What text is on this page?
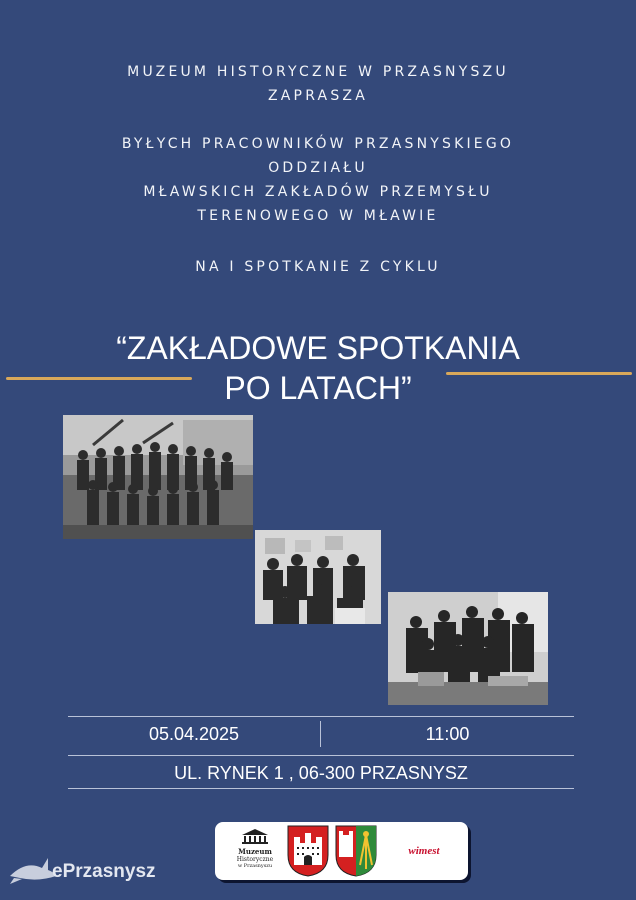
MUZEUM HISTORYCZNE W PRZASNYSZU
ZAPRASZA
BYŁYCH PRACOWNIKÓW PRZASNYSKIEGO
ODDZIAŁU
MŁAWSKICH ZAKŁADÓW PRZEMYSŁU
TERENOWEGO W MŁAWIE
NA I SPOTKANIE Z CYKLU
“ZAKŁADOWE SPOTKANIA
PO LATACH”
05.04.2025	11:00
UL. RYNEK 1 , 06-300 PRZASNYSZ
Muzeum
Historyczne
w Przasnyszu
wimest
ePrzasnysz
